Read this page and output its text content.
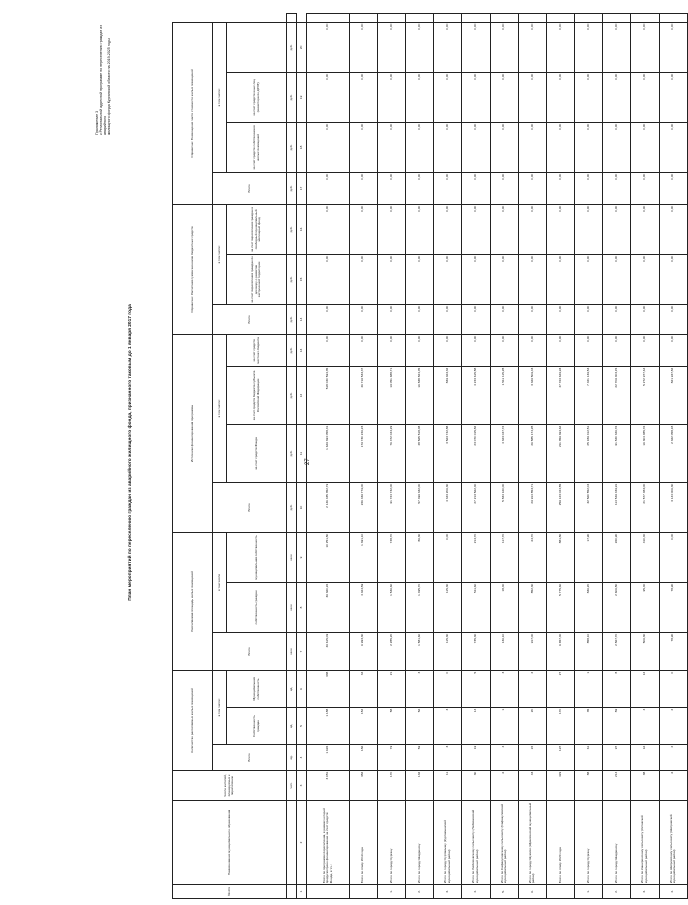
27
Приложение 3 к Региональной адресной программе по переселению граждан из аварийного жилищного фонда Курганской области на 2019-2025 годы
План мероприятий по переселению граждан из аварийного жилищного фонда, признанного таковым до 1 января 2017 года
№ п/п	Наименование муниципального образования	Число жителей, планируемых к переселению	Количество расселяемых жилых помещений			Расселяемая площадь жилых помещений			Источники финансирования программы				Справочно: Расчетная сумма экономии бюджетных средств			Справочно: Возмещение части стоимости жилых помещений				
			Всего	в том числе:		Всего	в том числе		Всего	в том числе:			Всего	в том числе:		Всего	в том числе:			
				Собственность граждан	Муниципальная собственность		собственность граждан	муниципальная собственность		за счет средств Фонда	за счет средств бюджета субъекта Российской Федерации	за счет средств местного бюджета		за счет переселения граждан по договору о развитии застроенной территории	за счет переселения граждан в свободный муниципальный жилищный фонд		за счет средств собственников жилых помещений	за счет средств иных лиц (инвестора по ДРЗТ)		
		чел.	ед.	ед.	ед.	кв.м	кв.м	кв.м	руб.	руб.	руб.	руб.	руб.	руб.	руб.	руб.	руб.	руб.	руб.	
1	2	3	4	5	6	7	8	9	10	11	12	13	14	15	16	17	18	19	20	
	Всего по программе переселения, в рамках которой предусмотрено финансирование за счет средств Фонда, в т.ч.:	3 081	1 626	1 188	338	46 615,09	36 360,26	10 251,80	2 146 435 352,79	1 629 394 058,41	518 040 594,35	0,00	0,00	0,00	0,00	0,00	0,00	0,00	0,00	
	Всего по этапу 2019 года	382	186	152	34	6 993,30	4 464,89	1 391,10	226 439 779,00	179 730 246,23	46 719 533,37	0,00	0,00	0,00	0,00	0,00	0,00	0,00	0,00	
1.	Итого по городу Кургану	170	79	58	21	2 285,20	1 536,60	748,70	91 724 732,00	76 472 044,29	19 051 688,71	0,00	0,00	0,00	0,00	0,00	0,00	0,00	0,00	
2.	Итого по городу Шадринску	132	59	56	3	1 581,60	1 495,70	86,30	57 499 332,00	48 565 518,48	16 838 824,45	0,00	0,00	0,00	0,00	0,00	0,00	0,00	0,00	
3.	Итого по городу Куртамышу (Куртамышский муниципальный район)	11	3	3	0	115,30	115,30	0,00	4 343 206,30	3 563 742,88	839 463,32	0,00	0,00	0,00	0,00	0,00	0,00	0,00	0,00	
4.	Итого по Любимовскому сельсовету (Любимовский муниципальный район)	30	19	14	5	735,30	511,60	214,70	27 213 562,40	23 070 015,82	4 243 615,58	0,00	0,00	0,00	0,00	0,00	0,00	0,00	0,00	
5.	Итого по Сафакулевскому сельсовету (Сафакулевский муниципальный район)	6	4	1	3	136,10	18,40	117,70	5 834 160,00	4 323 047,72	1 511 115,28	0,00	0,00	0,00	0,00	0,00	0,00	0,00	0,00	
6.	Итого по городу Шумихе (Шумихинский муниципальный район)	43	22	20	2	917,00	852,30	64,70	29 914 853,71	26 585 174,28	3 329 509,43	0,00	0,00	0,00	0,00	0,00	0,00	0,00	0,00	
	Всего по этапу 2020 года	429	197	170	27	6 657,40	5 775,60	881,80	259 123 024,55	211 359 394,62	47 763 629,93	0,00	0,00	0,00	0,00	0,00	0,00	0,00	0,00	
1.	Итого по городу Кургану	88	61	35	1	858,10	836,20	17,90	32 560 552,04	25 189 412,51	7 421 139,53	0,00	0,00	0,00	0,00	0,00	0,00	0,00	0,00	
2.	Итого по городу Шадринску	214	97	89	8	2 867,70	2 606,80	260,90	114 549 439,91	91 840 346,76	22 709 403,15	0,00	0,00	0,00	0,00	0,00	0,00	0,00	0,00	
3.	Итого по Каширинскому сельсовету (Кетовский муниципальный район)	38	16	4	12	506,30	95,40	410,40	21 577 483,00	16 304 485,76	5 272 977,64	0,00	0,00	0,00	0,00	0,00	0,00	0,00	0,00	
4.	Итого по Шатровскому сельсовету (Шатровский муниципальный район)	6	2	2	0	78,90	78,90	0,00	3 144 006,30	2 322 058,18	821 947,82	0,00	0,00	0,00	0,00	0,00	0,00	0,00	0,00	
